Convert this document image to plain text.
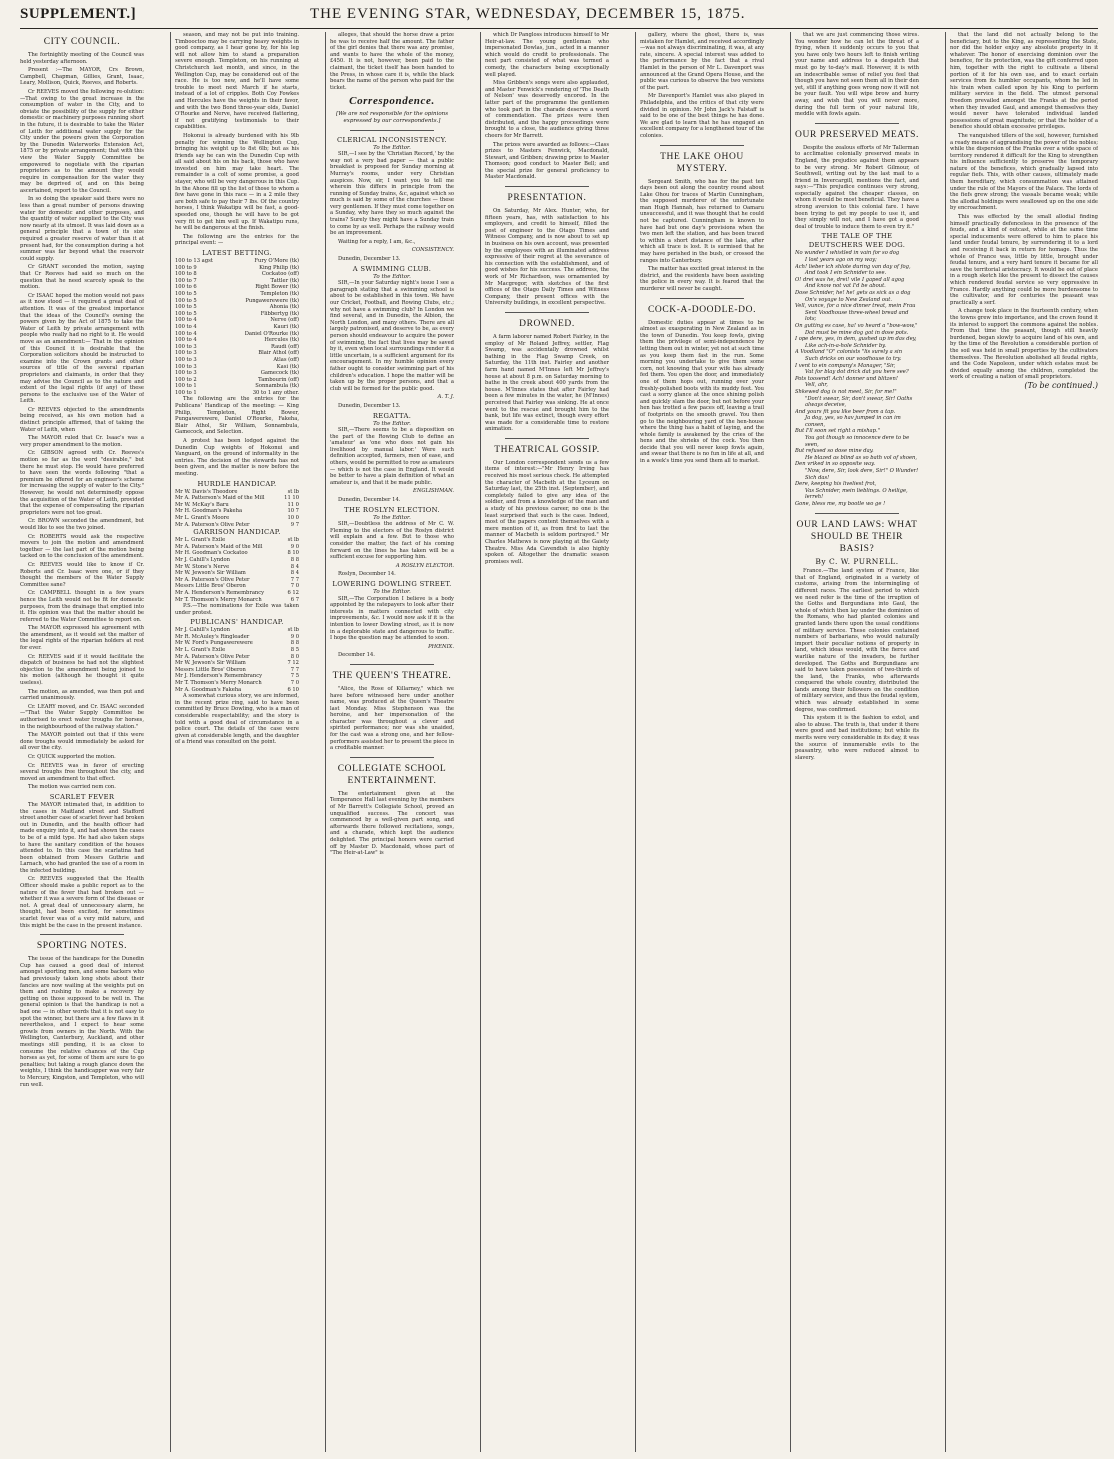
SUPPLEMENT.]	THE EVENING STAR, WEDNESDAY, DECEMBER 15, 1875.
CITY COUNCIL.

The fortnightly meeting of the Council was held yesterday afternoon.

Present :—The MAYOR, Crs Brown, Campbell, Chapman, Gillies, Grant, Isaac, Leary, Mollison, Quick, Reeves, and Roberts.

Cr REEVES moved the following re-olution: —That owing to the great increase in the consumption of water in the City, and to obviate the possibility of the supply for either domestic or machinery purposes running short in the future, it is desirable to take the Water of Leith for additional water supply for the City under the powers given the Corporation by the Dunedin Waterworks Extension Act, 1875 or by private arrangement; that with this view the Water Supply Committee be empowered to negotiate with the riparian proprietors as to the amount they would require in compensation for the water they may be deprived of, and on this being ascertained, report to the Council.

In so doing the speaker said there were no less than a great number of persons drawing water for domestic and other purposes, and the quantity of water supplied to the City was now nearly at its utmost. It was laid down as a general principle that a town of its size required a greater reserve of water than it at present had, for the consumption during a hot summer was far beyond what the reservoir could supply.

Cr GRANT seconded the motion, saying that Cr Reeves had said so much on the question that he need scarcely speak to the motion.

Cr ISAAC hoped the motion would not pass as it now stood — it required a great deal of attention. It was of the greatest importance that the ideas of the Council's owning the powers given by the Act of 1875 to take the Water of Leith by private arrangement with people who really had no right to it. He would move as an amendment:— That in the opinion of this Council it is desirable that the Corporation solicitors should be instructed to examine into the Crown grants and other sources of title of the several riparian proprietors and claimants, in order that they may advise the Council as to the nature and extent of the legal rights (if any) of these persons to the exclusive use of the Water of Leith.

Cr REEVES objected to the amendments being received, as his own motion had a distinct principle affirmed, that of taking the Water of Leith, when

The MAYOR ruled that Cr. Isaac's was a very proper amendment to the motion.

Cr. GIBSON agreed with Cr. Reeves's motion so far as the word "desirable," but there he must stop. He would have preferred to have seen the words following "that a premium be offered for an engineer's scheme for increasing the supply of water to the City." However, he would not determinedly oppose the acquisition of the Water of Leith, provided that the expense of compensating the riparian proprietors were not too great.

Cr. BROWN seconded the amendment, but would like to see the two joined.

Cr. ROBERTS would ask the respective movers to join the motion and amendment together — the last part of the motion being tacked on to the conclusion of the amendment.

Cr. REEVES would like to know if Cr. Roberts and Cr. Isaac were one, or if they thought the members of the Water Supply Committee sane?

Cr. CAMPBELL thought in a few years hence the Leith would not be fit for domestic purposes, from the drainage that emptied into it. His opinion was that the matter should be referred to the Water Committee to report on.

The MAYOR expressed his agreement with the amendment, as it would set the matter of the legal rights of the riparian holders at rest for ever.

Cr. REEVES said if it would facilitate the dispatch of business he had not the slightest objection to the amendment being joined to his motion (although he thought it quite useless).

The motion, as amended, was then put and carried unanimously.

Cr. LEARY moved, and Cr. ISAAC seconded—"That the Water Supply Committee be authorised to erect water troughs for horses, in the neighbourhood of the railway station."

The MAYOR pointed out that if this were done troughs would immediately be asked for all over the city.

Cr. QUICK supported the motion.

Cr. REEVES was in favor of erecting several troughs free throughout the city, and moved an amendment to that effect.

The motion was carried nem con.

SCARLET FEVER

The MAYOR intimated that, in addition to the cases in Maitland street and Stafford street another case of scarlet fever had broken out in Dunedin, and the health officer had made enquiry into it, and had shown the cases to be of a mild type. He had also taken steps to have the sanitary condition of the houses attended to. In this case the scarlatina had been obtained from Messrs Guthrie and Larnach, who had granted the use of a room in the infected building.

Cr. REEVES suggested that the Health Officer should make a public report as to the nature of the fever that had broken out — whether it was a severe form of the disease or not. A great deal of unnecessary alarm, he thought, had been excited, for sometimes scarlet fever was of a very mild nature, and this might be the case in the present instance.

SPORTING NOTES.

The issue of the handicaps for the Dunedin Cup has caused a good deal of interest amongst sporting men, and some backers who had previously taken long shots about their fancies are now wailing at the weights put on them and rushing to make a recovery by getting on those supposed to be well in. The general opinion is that the handicap is not a bad one — in other words that it is not easy to spot the winner, but there are a few flaws in it nevertheless, and I expect to hear some growls from owners in the North. With the Wellington, Canterbury, Auckland, and other meetings still pending, it is as close to consume the relative chances of the Cup horses as yet, for some of them are sure to go penalties; but taking a rough glance down the weights, I think the handicapper was very fair to Mercury, Kingston, and Templeton, who will run well.

season, and may not be put into training. Timbooctoo may be carrying heavy weights in good company, as I hear gone by, for his leg will not allow him to stand a preparation severe enough. Templeton, on his running at Christchurch last month, and since, in the Wellington Cup, may be considered out of the race. He is too new, and he'll have some trouble to meet next March if he starts, instead of a lot of cripples. Both Coy Fowkes and Hercules have the weights in their favor, and with the two Bond three-year olds, Daniel O'Rourke and Nerve, have received flattering, if not gratifying testimonials to their capabilities.

Hokonui is already burdened with his 9lb penalty for winning the Wellington Cup, bringing his weight up to 8st 6lb; but as his friends say he can win the Dunedin Cup with all said about his on his back, those who have invested on him may take heart. The remainder is a colt of some promise, a good stayer, who will be very dangerous in this Cup. In the Ahone fill up the list of those to whom a few have gone in this race — in a 2 mile they are both safe to pay their 7 lbs. Of the country horses, I think Wakatipu will be fast, a good-speeded one, though he will have to be got very fit to get him well up. If Wakatipu runs, he will be dangerous at the finish.

The following are the entries for the principal event: —

LATEST BETTING.
100 to 13 agst	Fury O'More (tk)
100 to 9	King Philip (tk)
100 to 8	Cockatoo (off)
100 to 7	Tattler (tk)
100 to 6	Right Bower (tk)
100 to 5	Templeton (tk)
100 to 5	Pungawerewere (tk)
100 to 5	Ahonia (tk)
100 to 5	Flibbertyg (tk)
100 to 4	Nerve (off)
100 to 4	Kauri (tk)
100 to 4	Daniel O'Rourke (tk)
100 to 4	Hercules (tk)
100 to 3	Raudi (off)
100 to 3	Blair Athol (off)
100 to 3	Atlas (off)
100 to 3	Kasi (tk)
100 to 3	Gamecock (tk)
100 to 2	Tambourin (off)
100 to 1	Sonnambula (tk)
100 to 1	30 to 1 any other.

The following are the entries for the Publicans' Handicap of the meeting: — King Philip, Templeton, Right Bower, Pungawerewere, Daniel O'Rourke, Fakeha, Blair Athol, Sir William, Sonnambula, Gamecock, and Selection.

A protest has been lodged against the Dunedin Cup weights of Hokonui and Vanguard, on the ground of informality in the entries. The decision of the stewards has not been given, and the matter is now before the meeting.

HURDLE HANDICAP.
Mr W. Davis's Theodore	st lb
Mr A. Patterson's Maid of the Mill	11 10
Mr W. McKay's Baru	11 0
Mr H. Goodman's Pakeha	10 7
Mr L. Grant's Moore	10 0
Mr A. Paterson's Olive Peter	9 7
GARRISON HANDICAP.
Mr L. Grant's Exile	st lb
Mr A. Paterson's Maid of the Mill	9 0
Mr H. Goodman's Cockatoo	8 10
Mr J. Cahill's Lyndon	8 8
Mr W. Stone's Nerve	8 4
Mr W. Jewson's Sir William	8 4
Mr A. Paterson's Olive Peter	7 7
Messrs Little Bros' Oberon	7 0
Mr A. Henderson's Remembrancy	6 12
Mr T. Thomson's Merry Monarch	6 7

P.S.—The nominations for Exile was taken under protest.

PUBLICANS' HANDICAP.
Mr J. Cahill's Lyndon	st lb
Mr R. McAuley's Ringleader	9 0
Mr W. Ford's Pungawerewere	8 8
Mr L. Grant's Exile	8 5
Mr A. Paterson's Olive Peter	8 0
Mr W. Jewson's Sir William	7 12
Messrs Little Bros' Oberon	7 7
Mr J. Henderson's Remembrancy	7 5
Mr T. Thomson's Merry Monarch	7 0
Mr A. Goodman's Fakeha	6 10

A somewhat curious story, we are informed, in the recent prize ring, said to have been committed by Bruce Dowling, who is a man of considerable respectability; and the story is told with a good deal of circumstance in a police court. The details of the case were given at considerable length, and the daughter of a friend was consulted on the point.

alleges, that should the horse draw a prize he was to receive half the amount. The father of the girl denies that there was any promise, and wants to have the whole of the money, £450. It is not, however, been paid to the claimant, the ticket itself has been handed to the Press, in whose care it is, while the black bears the name of the person who paid for the ticket.

Correspondence.
[We are not responsible for the opinions expressed by our correspondents.]
CLERICAL INCONSISTENCY.
To the Editor.

SIR,—I see by the 'Christian Record,' by the way not a very bad paper — that a public breakfast is proposed for Sunday morning at Murray's rooms, under very Christian auspices. Now, sir, I want you to tell me wherein this differs in principle from the running of Sunday trains, &c, against which so much is said by some of the churches — these very gentlemen. If they must come together on a Sunday, why have they so much against the trains? Surely they might have a Sunday train to come by as well. Perhaps the railway would be an improvement.

Waiting for a reply, I am, &c.,

CONSISTENCY.

Dunedin, December 13.

A SWIMMING CLUB.
To the Editor.

SIR,—In your Saturday night's issue I see a paragraph stating that a swimming school is about to be established in this town. We have our Cricket, Football, and Rowing Clubs, etc.; why not have a swimming club? In London we find several, and in Dunedin, the Albion, the North London, and many others. There are all largely patronised, and deserve to be, as every person should endeavour to acquire the power of swimming, the fact that lives may be saved by it, even when local surroundings render it a little uncertain, is a sufficient argument for its encouragement. In my humble opinion every father ought to consider swimming part of his children's education. I hope the matter will be taken up by the proper persons, and that a club will be formed for the public good.

A. T. J.

Dunedin, December 13.

REGATTA.
To the Editor.

SIR,—There seems to be a disposition on the part of the Rowing Club to define an 'amateur' as 'one who does not gain his livelihood by manual labor.' Were such definition accepted, farmers, men of ease, and others, would be permitted to row as amateurs — which is not the case in England. It would be better to have a plain definition of what an amateur is, and that it be made public.

ENGLISHMAN.

Dunedin, December 14.

THE ROSLYN ELECTION.
To the Editor.

SIR,—Doubtless the address of Mr C. W. Fleming to the electors of the Roslyn district will explain and a few. But to those who consider the matter, the fact of his coming forward on the lines he has taken will be a sufficient excuse for supporting him.

A ROSLYN ELECTOR.

Roslyn, December 14.

LOWERING DOWLING STREET.
To the Editor.

SIR,—The Corporation I believe is a body appointed by the ratepayers to look after their interests in matters connected with city improvements, &c. I would now ask if it is the intention to lower Dowling street, as it is now in a deplorable state and dangerous to traffic. I hope the question may be attended to soon.

PHŒNIX.

December 14.

THE QUEEN'S THEATRE.

"Alice, the Rose of Killarney," which we have before witnessed here under another name, was produced at the Queen's Theatre last Monday. Miss Stephenson was the heroine, and her impersonation of the character was throughout a clever and spirited performance; nor was she unaided, for the cast was a strong one, and her fellow-performers assisted her to present the piece in a creditable manner.

COLLEGIATE SCHOOL ENTERTAINMENT.

The entertainment given at the Temperance Hall last evening by the members of Mr Barrett's Collegiate School, proved an unqualified success. The concert was commenced by a well-given part song, and afterwards there followed recitations, songs, and a charade, which kept the audience delighted. The principal honors were carried off by Master D. Macdonald, whose part of "The Heir-at-Law" is

which Dr Pangloss introduces himself to Mr Heir-at-law. The young gentleman who impersonated Dowlas, jun., acted in a manner which would do credit to professionals. The next part consisted of what was termed a comedy, the characters being exceptionally well played.

Miss Gribben's songs were also applauded, and Master Fenwick's rendering of 'The Death of Nelson' was deservedly encored. In the latter part of the programme the gentlemen who took part in the charade deserve a word of commendation. The prizes were then distributed, and the happy proceedings were brought to a close, the audience giving three cheers for Mr Barrett.

The prizes were awarded as follows:—Class prizes to Masters Fenwick, Macdonald, Stewart, and Gribben; drawing prize to Master Thomson; good conduct to Master Bell; and the special prize for general proficiency to Master Macdonald.

PRESENTATION.

On Saturday, Mr Alex. Hunter, who, for fifteen years, has, with satisfaction to his employers, and credit to himself, filled the post of engineer to the Otago Times and Witness Company, and is now about to set up in business on his own account, was presented by the employees with an illuminated address expressive of their regret at the severance of his connection with the establishment, and of good wishes for his success. The address, the work of Mr Richardson, was ornamented by Mr Macgregor, with sketches of the first offices of the Otago Daily Times and Witness Company, their present offices with the University buildings, in excellent perspective.

DROWNED.

A farm laborer named Robert Fairley, in the employ of Mr Roland Jeffrey, settler, Flag Swamp, was accidentally drowned whilst bathing in the Flag Swamp Creek, on Saturday, the 11th inst. Fairley and another farm hand named M'Innes left Mr Jeffrey's house at about 8 p.m. on Saturday morning to bathe in the creek about 400 yards from the house. M'Innes states that after Fairley had been a few minutes in the water, he (M'Innes) perceived that Fairley was sinking. He at once went to the rescue and brought him to the bank, but life was extinct, though every effort was made for a considerable time to restore animation.

THEATRICAL GOSSIP.

Our London correspondent sends us a few items of interest:—"Mr Henry Irving has received his most serious check. He attempted the character of Macbeth at the Lyceum on Saturday last, the 25th inst. (September), and completely failed to give any idea of the soldier, and from a knowledge of the man and a study of his previous career, no one is the least surprised that such is the case. Indeed, most of the papers content themselves with a mere mention of it, as from first to last the manner of Macbeth is seldom portrayed." Mr Charles Mathews is now playing at the Gaiety Theatre. Miss Ada Cavendish is also highly spoken of. Altogether the dramatic season promises well.

gallery, where the ghost, there is, was mistaken for Hamlet, and received accordingly—was not always discriminating, it was, at any rate, sincere. A special interest was added to the performance by the fact that a rival Hamlet in the person of Mr L. Davenport was announced at the Grand Opera House, and the public was curious to observe the two versions of the part.

Mr Davenport's Hamlet was also played in Philadelphia, and the critics of that city were divided in opinion. Mr John Jack's Falstaff is said to be one of the best things he has done. We are glad to learn that he has engaged an excellent company for a lengthened tour of the colonies.

THE LAKE OHOU MYSTERY.

Sergeant Smith, who has for the past ten days been out along the country round about Lake Ohou for traces of Martin Cunningham, the supposed murderer of the unfortunate man Hugh Hannah, has returned to Oamaru unsuccessful, and it was thought that he could not be captured. Cunningham is known to have had but one day's provisions when the two men left the station, and has been traced to within a short distance of the lake, after which all trace is lost. It is surmised that he may have perished in the bush, or crossed the ranges into Canterbury.

The matter has excited great interest in the district, and the residents have been assisting the police in every way. It is feared that the murderer will never be caught.

COCK-A-DOODLE-DO.

Domestic duties appear at times to be almost as exasperating in New Zealand as in the town of Dunedin. You keep fowls, giving them the privilege of semi-independence by letting them out in winter, yet not at such time as you keep them fast in the run. Some morning you undertake to give them some corn, not knowing that your wife has already fed them. You open the door, and immediately one of them hops out, running over your freshly-polished boots with its muddy feet. You cast a sorry glance at the once shining polish and quickly slam the door, but not before your hen has trotted a few paces off, leaving a trail of footprints on the smooth gravel. You then go to the neighbouring yard of the hen-house where the thing has a habit of laying, and the whole family is awakened by the cries of the hens and the shrieks of the cock. You then decide that you will never keep fowls again, and swear that there is no fun in life at all, and in a week's time you send them all to market.

that we are just commencing those wires. You wonder how he can let the threat of a frying, when it suddenly occurs to you that you have only two hours left to finish writing your name and address to a despatch that must go by to-day's mail. However, it is with an indescribable sense of relief you feel that though you have not seen them all in their den yet, still if anything goes wrong now it will not be your fault. You will wipe brow and hurry away, and wish that you will never more, during the full term of your natural life, meddle with fowls again.

OUR PRESERVED MEATS.

Despite the zealous efforts of Mr Tallerman to acclimatise colonially preserved meats in England, the prejudice against them appears to be very strong. Mr Robert Gilmour, of Southwell, writing out by the last mail to a friend in Invercargill, mentions the fact, and says:—"This prejudice continues very strong, especially against the cheaper classes, on whom it would be most beneficial. They have a strong aversion to this colonial fare. I have been trying to get my people to use it, and they simply will not, and I have got a good deal of trouble to induce them to even try it."

THE TALE OF THE DEUTSCHERS WEE DOG.
No wunder I whistled in vain for so dog
I lost years ago on my way;
Ach! lieber ich shlote during van day of fog,
And took I ein Schnider to see.
O! drei was he, drei! vile I gaped all agog
And know not vat I'd be about.
Dose Schnider, he! he! gets as sick as a dog
On's voyage to New Zealand out.
Vell, vunce, for a nice dinner treat, mein Frau
Sent Voodhouse three-wheel bread and lots;
On gutting es case, ha! vo heard a "bow-wow,"
Dot must be mine dog got in dose pots.
I ope dere, yes, in dem, gushed up im das dey,
Like ach-in-a-hole Schnider by.
A Voodland "O" colonists "lis surely a sin
Such dricks on our voodhouse to try.
I vent to ein company's Manager, "Sir,
Vat for blay dot drick dat you here see?
Pots toosend! Ach! donner und blitzen!
Vell, ahr,
Shkewed dog is not meet, Sir, for me!"
"Don't swear, Sir, don't swear, Sir! Oaths always deceive,
And yours fit you like beer from a tap.
Ja dog, yes, so hav jumped in can im consen,
But I'll soon set right a mishap."
You got though so innocence dere to be seen,
But refused so dose mine day.
He blazed as blind as so bath vol of shoen,
Den vriked in so opposite way.
"Now, dere, Sir, look dere, Sir!" O Wunder! Sich das!
Dere, keeping his liveliest frot,
Vas Schnider, mein lieblings. O heilige, lerreh!
Gone, bless me, my bootle wo ge !
OUR LAND LAWS: WHAT SHOULD BE THEIR BASIS?
By C. W. PURNELL.

France.—The land system of France, like that of England, originated in a variety of customs, arising from the intermingling of different races. The earliest period to which we need refer is the time of the irruption of the Goths and Burgundians into Gaul, the whole of which then lay under the dominion of the Romans, who had planted colonies and granted lands there upon the usual conditions of military service. These colonies contained numbers of barbarians, who would naturally import their peculiar notions of property in land, which ideas would, with the fierce and warlike nature of the invaders, be further developed. The Goths and Burgundians are said to have taken possession of two-thirds of the land, the Franks, who afterwards conquered the whole country, distributed the lands among their followers on the condition of military service, and thus the feudal system, which was already established in some degree, was confirmed.

This system it is the fashion to extol, and also to abuse. The truth is, that under it there were good and bad institutions; but while its merits were very considerable in its day, it was the source of innumerable evils to the peasantry, who were reduced almost to slavery.

that the land did not actually belong to the beneficiary, but to the King, as representing the State, nor did the holder enjoy any absolute property in it whatever. The honor of exercising dominion over the benefice, for its protection, was the gift conferred upon him, together with the right to cultivate a liberal portion of it for his own use, and to exact certain services from its humbler occupants, whom he led in his train when called upon by his King to perform military service in the field. The utmost personal freedom prevailed amongst the Franks at the period when they invaded Gaul, and amongst themselves they would never have tolerated individual landed possessions of great magnitude; or that the holder of a benefice should obtain excessive privileges.

The vanquished tillers of the soil, however, furnished a ready means of aggrandising the power of the nobles; while the dispersion of the Franks over a wide space of territory rendered it difficult for the King to strengthen his influence sufficiently to preserve the temporary nature of the benefices, which gradually lapsed into regular fiefs. This, with other causes, ultimately made them hereditary, which consummation was attained under the rule of the Mayors of the Palace. The lords of the fiefs grew strong; the vassals became weak; while the allodial holdings were swallowed up on the one side by encroachment.

This was effected by the small allodial finding himself practically defenceless in the presence of the feuds, and a kind of outcast, while at the same time special inducements were offered to him to place his land under feudal tenure, by surrendering it to a lord and receiving it back in return for homage. Thus the whole of France was, little by little, brought under feudal tenure, and a very hard tenure it became for all save the territorial aristocracy. It would be out of place in a rough sketch like the present to dissect the causes which rendered feudal service so very oppressive in France. Hardly anything could be more burdensome to the cultivator, and for centuries the peasant was practically a serf.

A change took place in the fourteenth century, when the towns grew into importance, and the crown found it its interest to support the commons against the nobles. From that time the peasant, though still heavily burdened, began slowly to acquire land of his own, and by the time of the Revolution a considerable portion of the soil was held in small properties by the cultivators themselves. The Revolution abolished all feudal rights, and the Code Napoleon, under which estates must be divided equally among the children, completed the work of creating a nation of small proprietors.

(To be continued.)
